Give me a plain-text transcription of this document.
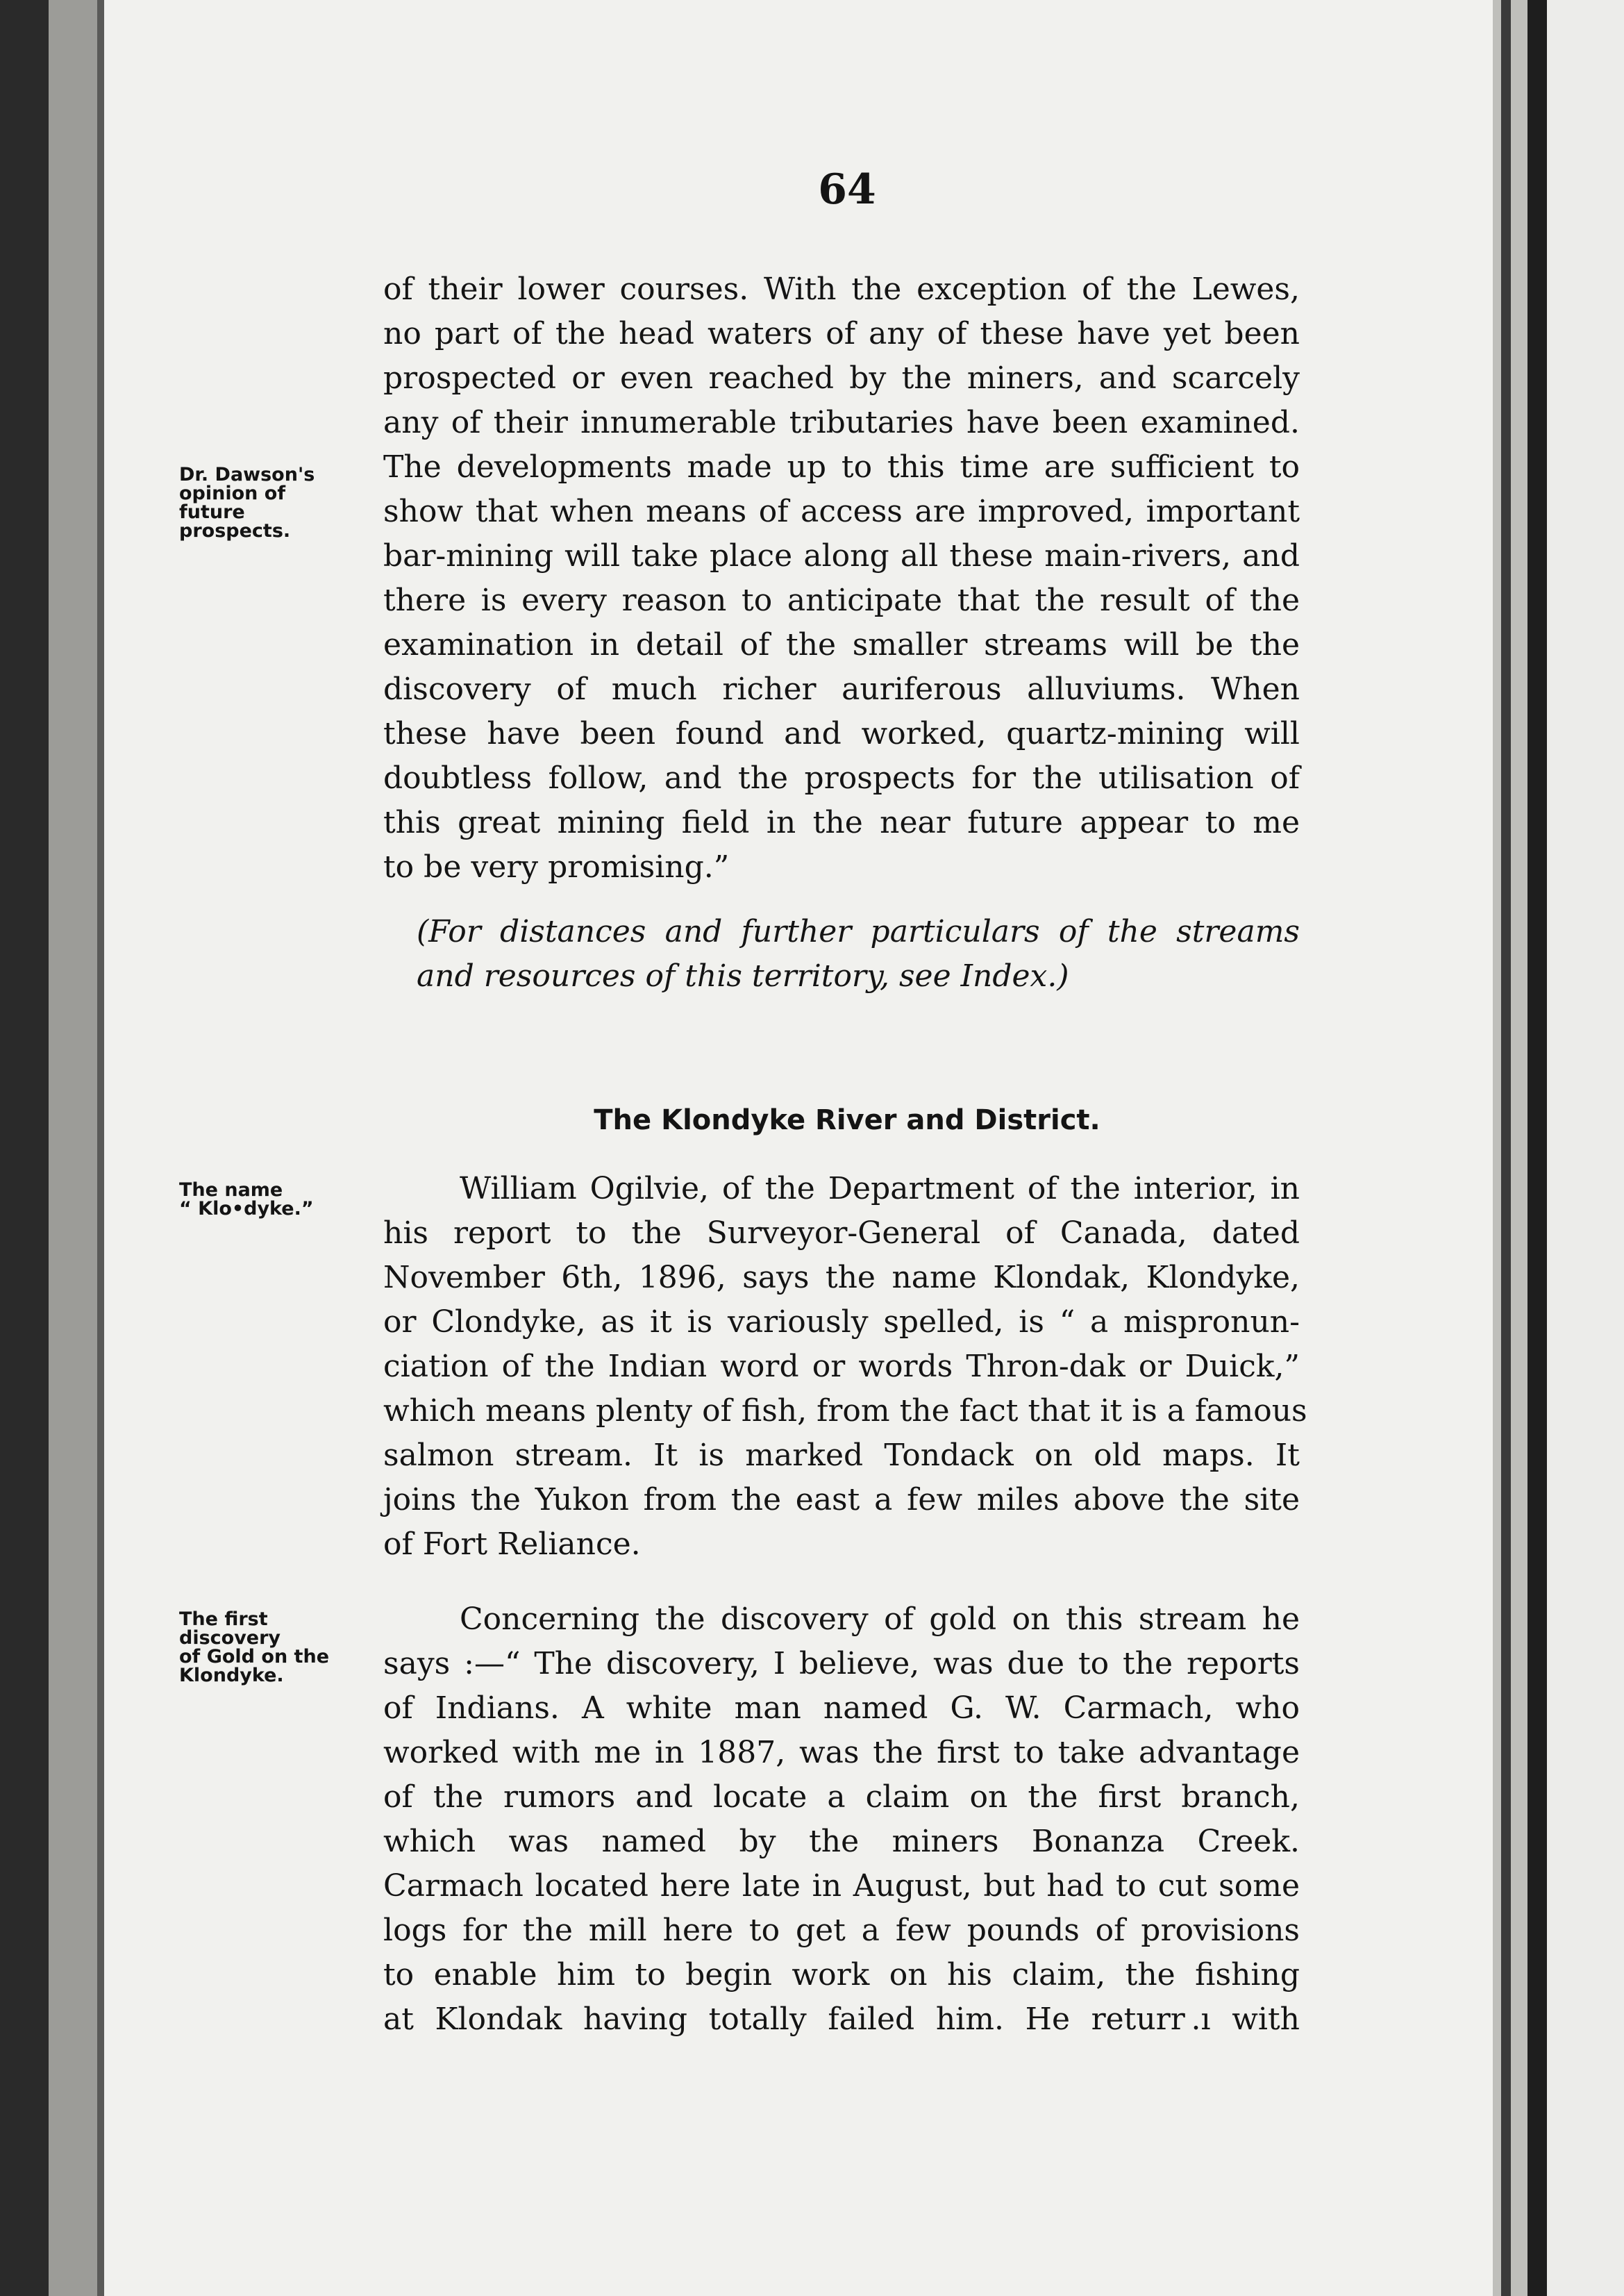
64
Dr. Dawson's
opinion of
future
prospects.
The name
“ Klo•dyke.”
The first
discovery
of Gold on the
Klondyke.
of their lower courses. With the exception of the Lewes,
no part of the head waters of any of these have yet been
prospected or even reached by the miners, and scarcely
any of their innumerable tributaries have been examined.
The developments made up to this time are sufficient to
show that when means of access are improved, important
bar-mining will take place along all these main-rivers, and
there is every reason to anticipate that the result of the
examination in detail of the smaller streams will be the
discovery of much richer auriferous alluviums. When
these have been found and worked, quartz-mining will
doubtless follow, and the prospects for the utilisation of
this great mining field in the near future appear to me
to be very promising.”
(For distances and further particulars of the streams
and resources of this territory, see Index.)
The Klondyke River and District.
William Ogilvie, of the Department of the interior, in
his report to the Surveyor-General of Canada, dated
November 6th, 1896, says the name Klondak, Klondyke,
or Clondyke, as it is variously spelled, is “ a mispronun-
ciation of the Indian word or words Thron-dak or Duick,”
which means plenty of fish, from the fact that it is a famous
salmon stream. It is marked Tondack on old maps. It
joins the Yukon from the east a few miles above the site
of Fort Reliance.
Concerning the discovery of gold on this stream he
says :—“ The discovery, I believe, was due to the reports
of Indians. A white man named G. W. Carmach, who
worked with me in 1887, was the first to take advantage
of the rumors and locate a claim on the first branch,
which was named by the miners Bonanza Creek.
Carmach located here late in August, but had to cut some
logs for the mill here to get a few pounds of provisions
to enable him to begin work on his claim, the fishing
at Klondak having totally failed him. He returr .ı with
